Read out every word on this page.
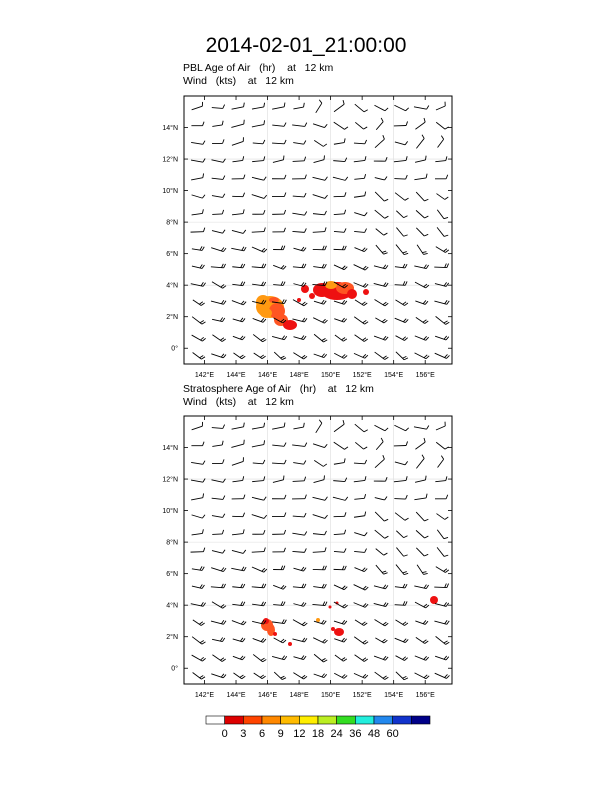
2014-02-01_21:00:00
PBL Age of Air (hr) at   12 km
Wind (kts) at   12 km
Stratosphere Age of Air (hr) at   12 km
Wind (kts) at   12 km
14°N
12°N
10°N
8°N
6°N
4°N
2°N
0°
142°E 144°E 146°E 148°E 150°E 152°E 154°E 156°E
14°N
12°N
10°N
8°N
6°N
4°N
2°N
0°
142°E 144°E 146°E 148°E 150°E 152°E 154°E 156°E
0 3 6 9 12 18 24 36 48 60
